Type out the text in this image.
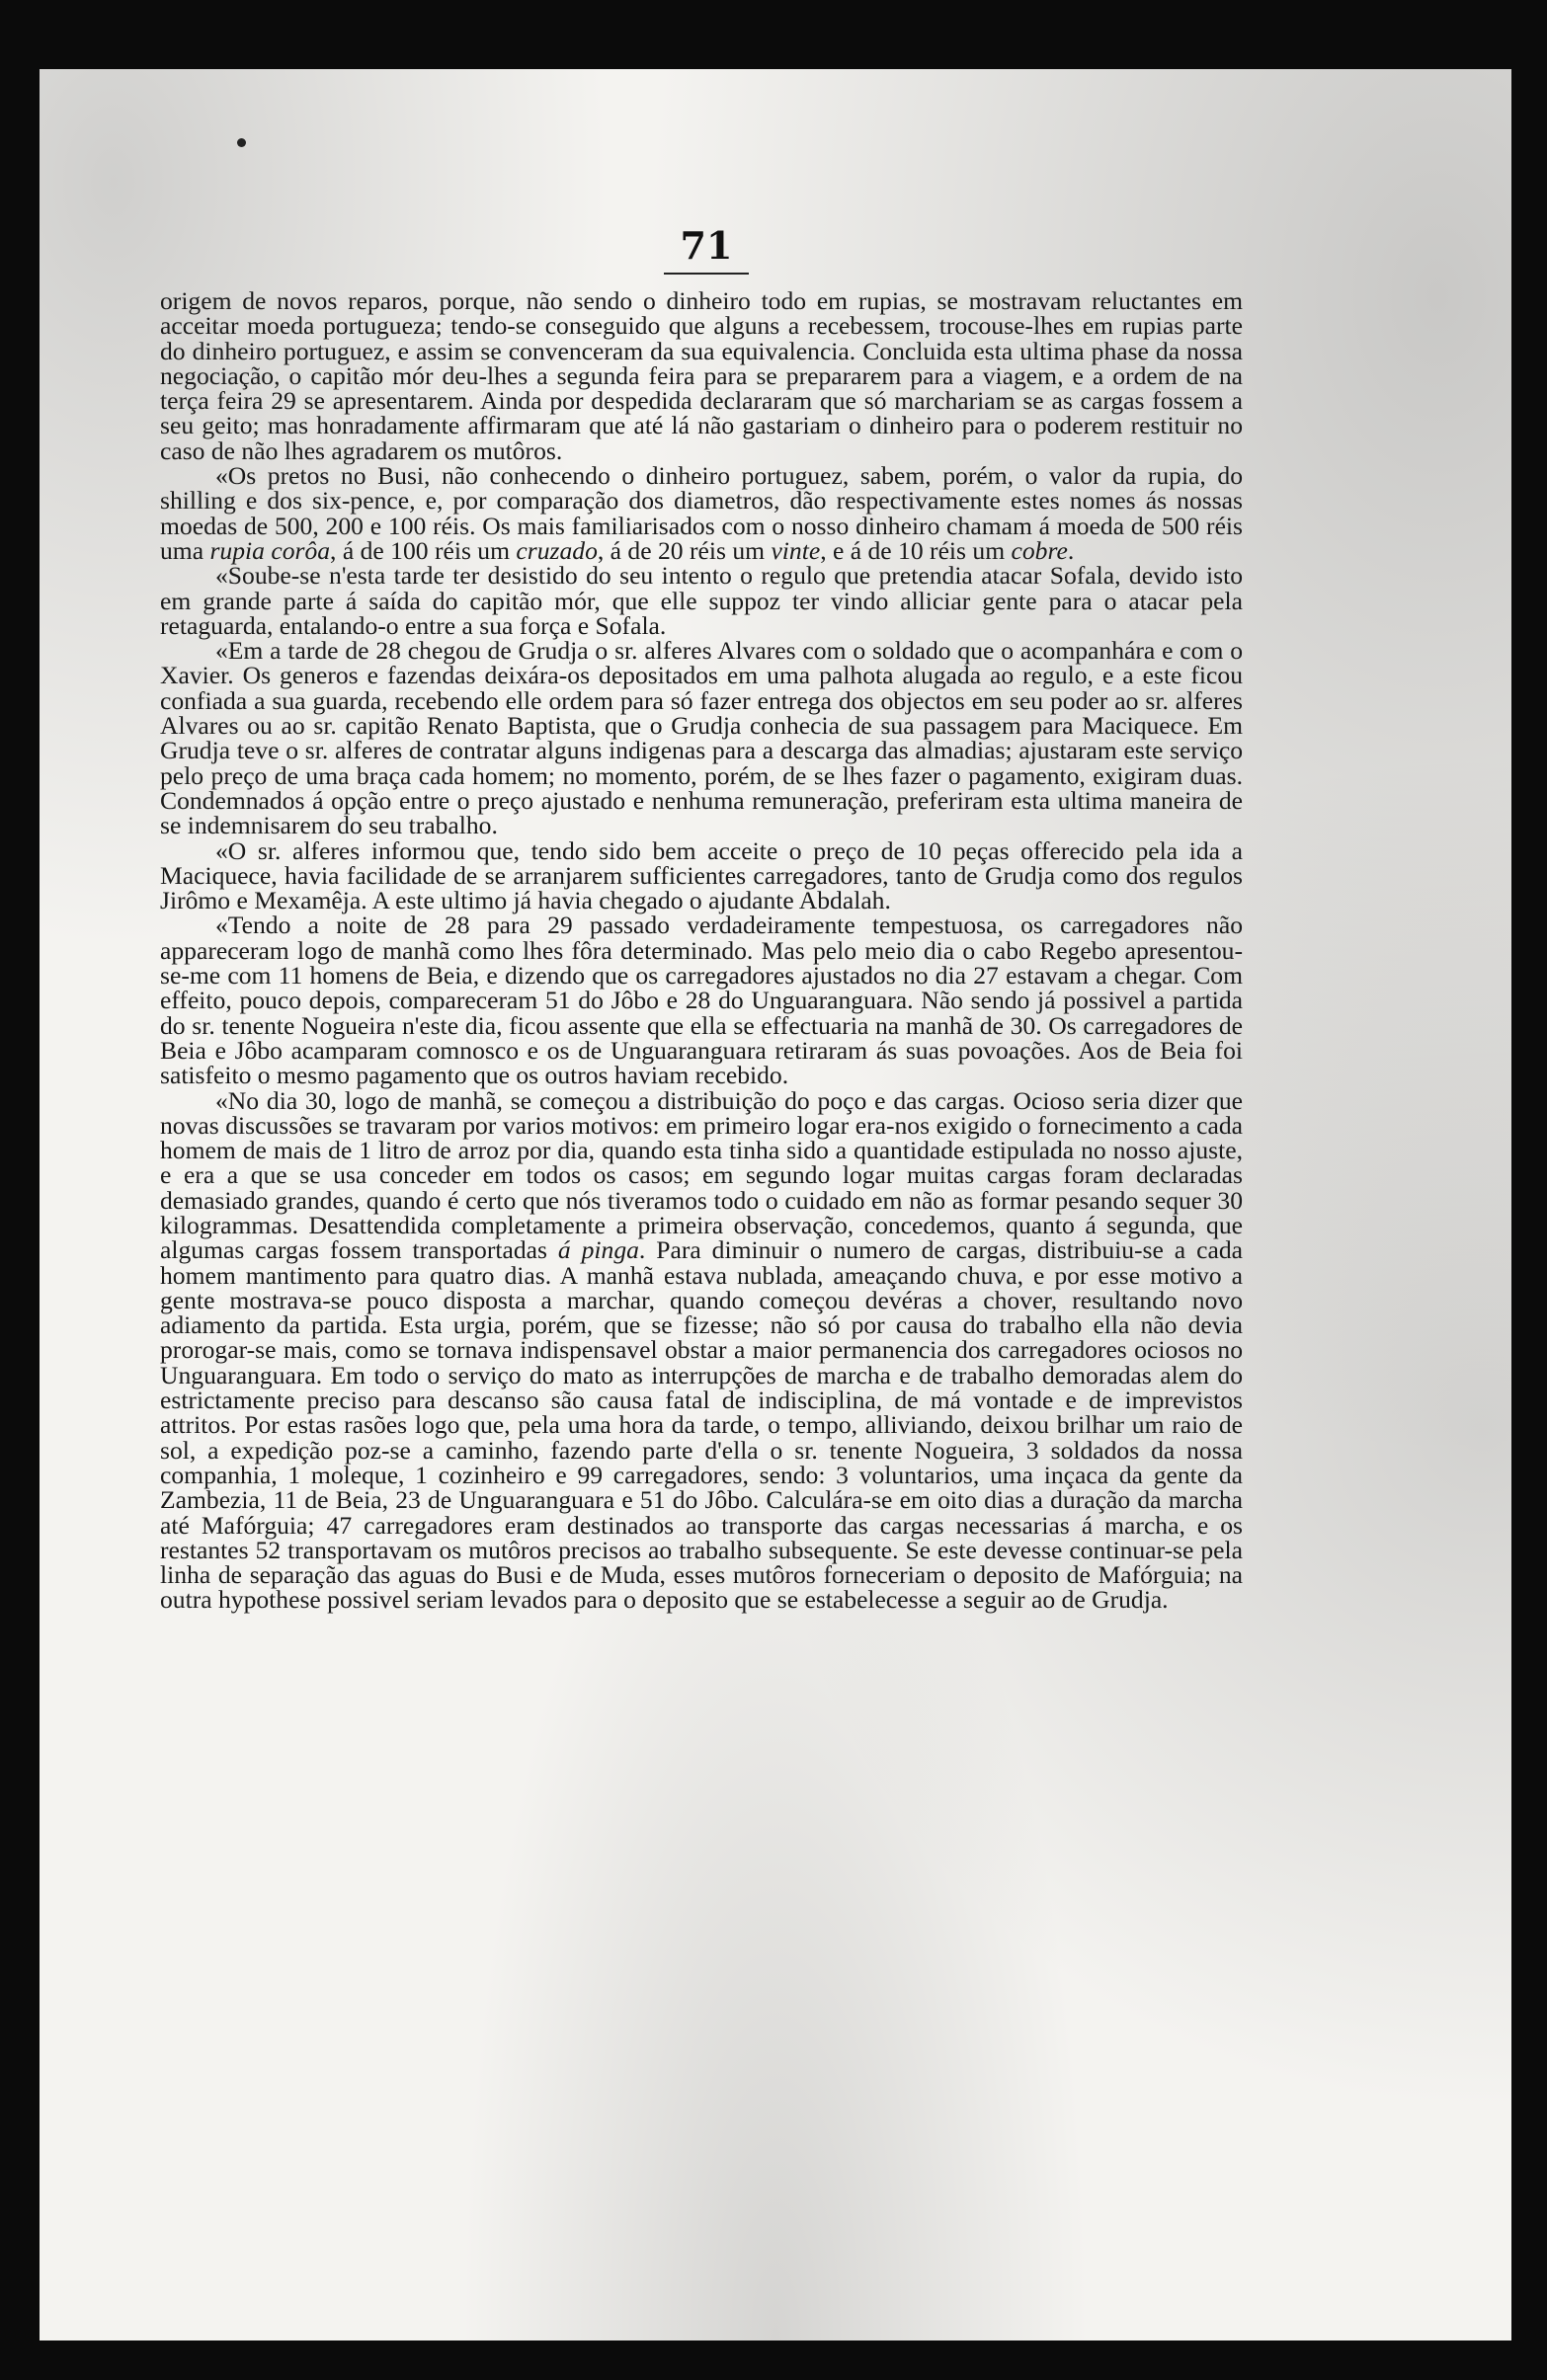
71

origem de novos reparos, porque, não sendo o dinheiro todo em rupias, se mostravam reluctantes em acceitar moeda portugueza; tendo-se conseguido que alguns a recebessem, trocouse-lhes em rupias parte do dinheiro portuguez, e assim se convenceram da sua equivalencia. Concluida esta ultima phase da nossa negociação, o capitão mór deu-lhes a segunda feira para se prepararem para a viagem, e a ordem de na terça feira 29 se apresentarem. Ainda por despedida declararam que só marchariam se as cargas fossem a seu geito; mas honradamente affirmaram que até lá não gastariam o dinheiro para o poderem restituir no caso de não lhes agradarem os mutôros.

«Os pretos no Busi, não conhecendo o dinheiro portuguez, sabem, porém, o valor da rupia, do shilling e dos six-pence, e, por comparação dos diametros, dão respectivamente estes nomes ás nossas moedas de 500, 200 e 100 réis. Os mais familiarisados com o nosso dinheiro chamam á moeda de 500 réis uma rupia corôa, á de 100 réis um cruzado, á de 20 réis um vinte, e á de 10 réis um cobre.

«Soube-se n'esta tarde ter desistido do seu intento o regulo que pretendia atacar Sofala, devido isto em grande parte á saída do capitão mór, que elle suppoz ter vindo alliciar gente para o atacar pela retaguarda, entalando-o entre a sua força e Sofala.

«Em a tarde de 28 chegou de Grudja o sr. alferes Alvares com o soldado que o acompanhára e com o Xavier. Os generos e fazendas deixára-os depositados em uma palhota alugada ao regulo, e a este ficou confiada a sua guarda, recebendo elle ordem para só fazer entrega dos objectos em seu poder ao sr. alferes Alvares ou ao sr. capitão Renato Baptista, que o Grudja conhecia de sua passagem para Maciquece. Em Grudja teve o sr. alferes de contratar alguns indigenas para a descarga das almadias; ajustaram este serviço pelo preço de uma braça cada homem; no momento, porém, de se lhes fazer o pagamento, exigiram duas. Condemnados á opção entre o preço ajustado e nenhuma remuneração, preferiram esta ultima maneira de se indemnisarem do seu trabalho.

«O sr. alferes informou que, tendo sido bem acceite o preço de 10 peças offerecido pela ida a Maciquece, havia facilidade de se arranjarem sufficientes carregadores, tanto de Grudja como dos regulos Jirômo e Mexamêja. A este ultimo já havia chegado o ajudante Abdalah.

«Tendo a noite de 28 para 29 passado verdadeiramente tempestuosa, os carregadores não appareceram logo de manhã como lhes fôra determinado. Mas pelo meio dia o cabo Regebo apresentou-se-me com 11 homens de Beia, e dizendo que os carregadores ajustados no dia 27 estavam a chegar. Com effeito, pouco depois, compareceram 51 do Jôbo e 28 do Unguaranguara. Não sendo já possivel a partida do sr. tenente Nogueira n'este dia, ficou assente que ella se effectuaria na manhã de 30. Os carregadores de Beia e Jôbo acamparam comnosco e os de Unguaranguara retiraram ás suas povoações. Aos de Beia foi satisfeito o mesmo pagamento que os outros haviam recebido.

«No dia 30, logo de manhã, se começou a distribuição do poço e das cargas. Ocioso seria dizer que novas discussões se travaram por varios motivos: em primeiro logar era-nos exigido o fornecimento a cada homem de mais de 1 litro de arroz por dia, quando esta tinha sido a quantidade estipulada no nosso ajuste, e era a que se usa conceder em todos os casos; em segundo logar muitas cargas foram declaradas demasiado grandes, quando é certo que nós tiveramos todo o cuidado em não as formar pesando sequer 30 kilogrammas. Desattendida completamente a primeira observação, concedemos, quanto á segunda, que algumas cargas fossem transportadas á pinga. Para diminuir o numero de cargas, distribuiu-se a cada homem mantimento para quatro dias. A manhã estava nublada, ameaçando chuva, e por esse motivo a gente mostrava-se pouco disposta a marchar, quando começou devéras a chover, resultando novo adiamento da partida. Esta urgia, porém, que se fizesse; não só por causa do trabalho ella não devia prorogar-se mais, como se tornava indispensavel obstar a maior permanencia dos carregadores ociosos no Unguaranguara. Em todo o serviço do mato as interrupções de marcha e de trabalho demoradas alem do estrictamente preciso para descanso são causa fatal de indisciplina, de má vontade e de imprevistos attritos. Por estas rasões logo que, pela uma hora da tarde, o tempo, alliviando, deixou brilhar um raio de sol, a expedição poz-se a caminho, fazendo parte d'ella o sr. tenente Nogueira, 3 soldados da nossa companhia, 1 moleque, 1 cozinheiro e 99 carregadores, sendo: 3 voluntarios, uma inçaca da gente da Zambezia, 11 de Beia, 23 de Unguaranguara e 51 do Jôbo. Calculára-se em oito dias a duração da marcha até Mafórguia; 47 carregadores eram destinados ao transporte das cargas necessarias á marcha, e os restantes 52 transportavam os mutôros precisos ao trabalho subsequente. Se este devesse continuar-se pela linha de separação das aguas do Busi e de Muda, esses mutôros forneceriam o deposito de Mafórguia; na outra hypothese possivel seriam levados para o deposito que se estabelecesse a seguir ao de Grudja.
